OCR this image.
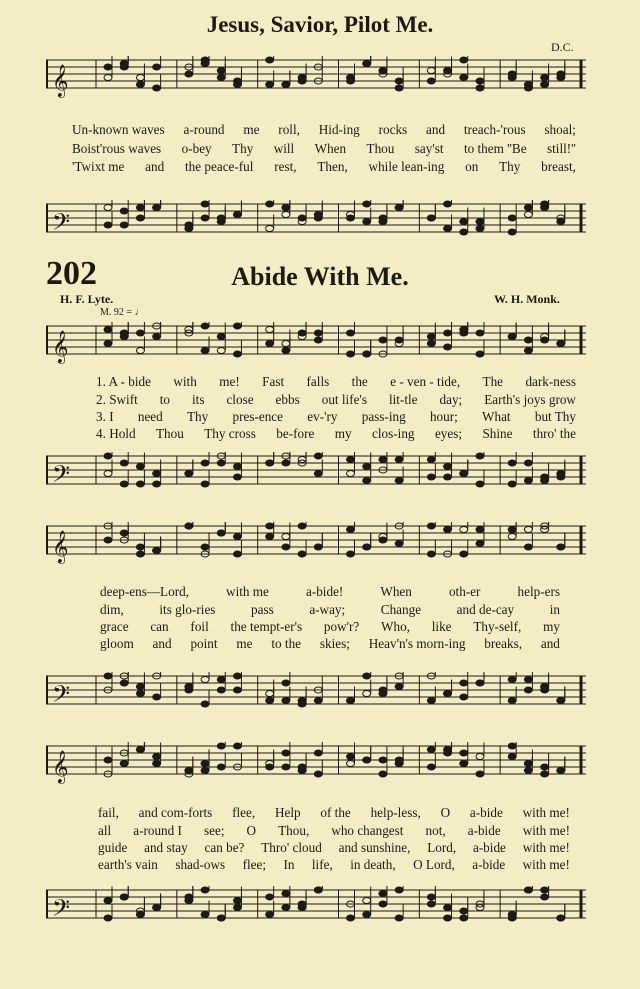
Jesus, Savior, Pilot Me.
D.C.
𝄞
Un-known waves a-round me roll, Hid-ing rocks and treach-'rous shoal;
Boist'rous waves o-bey Thy will When Thou say'st to them ''Be still!''
'Twixt me and the peace-ful rest, Then, while lean-ing on Thy breast,
𝄢
202	Abide With Me.
H. F. Lyte.	W. H. Monk.
M. 92 = ♩
𝄞
1. A - bide with me! Fast falls the e - ven - tide, The dark-ness
2. Swift to its close ebbs out life's lit-tle day; Earth's joys grow
3. I need Thy pres-ence ev-'ry pass-ing hour; What but Thy
4. Hold Thou Thy cross be-fore my clos-ing eyes; Shine thro' the
𝄢
𝄞
deep-ens—Lord,	with me	a-bide!	When	oth-er	help-ers
dim,	its glo-ries	pass	a-way;	Change	and de-cay	in
grace can foil the tempt-er's pow'r? Who, like Thy-self, my
gloom and point me to the skies; Heav'n's morn-ing breaks, and
𝄢
𝄞
fail, and com-forts flee, Help of the help-less, O a-bide with me!
all a-round I see; O Thou, who changest not, a-bide with me!
guide and stay can be? Thro' cloud and sunshine, Lord, a-bide with me!
earth's vain shad-ows flee; In life, in death, O Lord, a-bide with me!
𝄢
